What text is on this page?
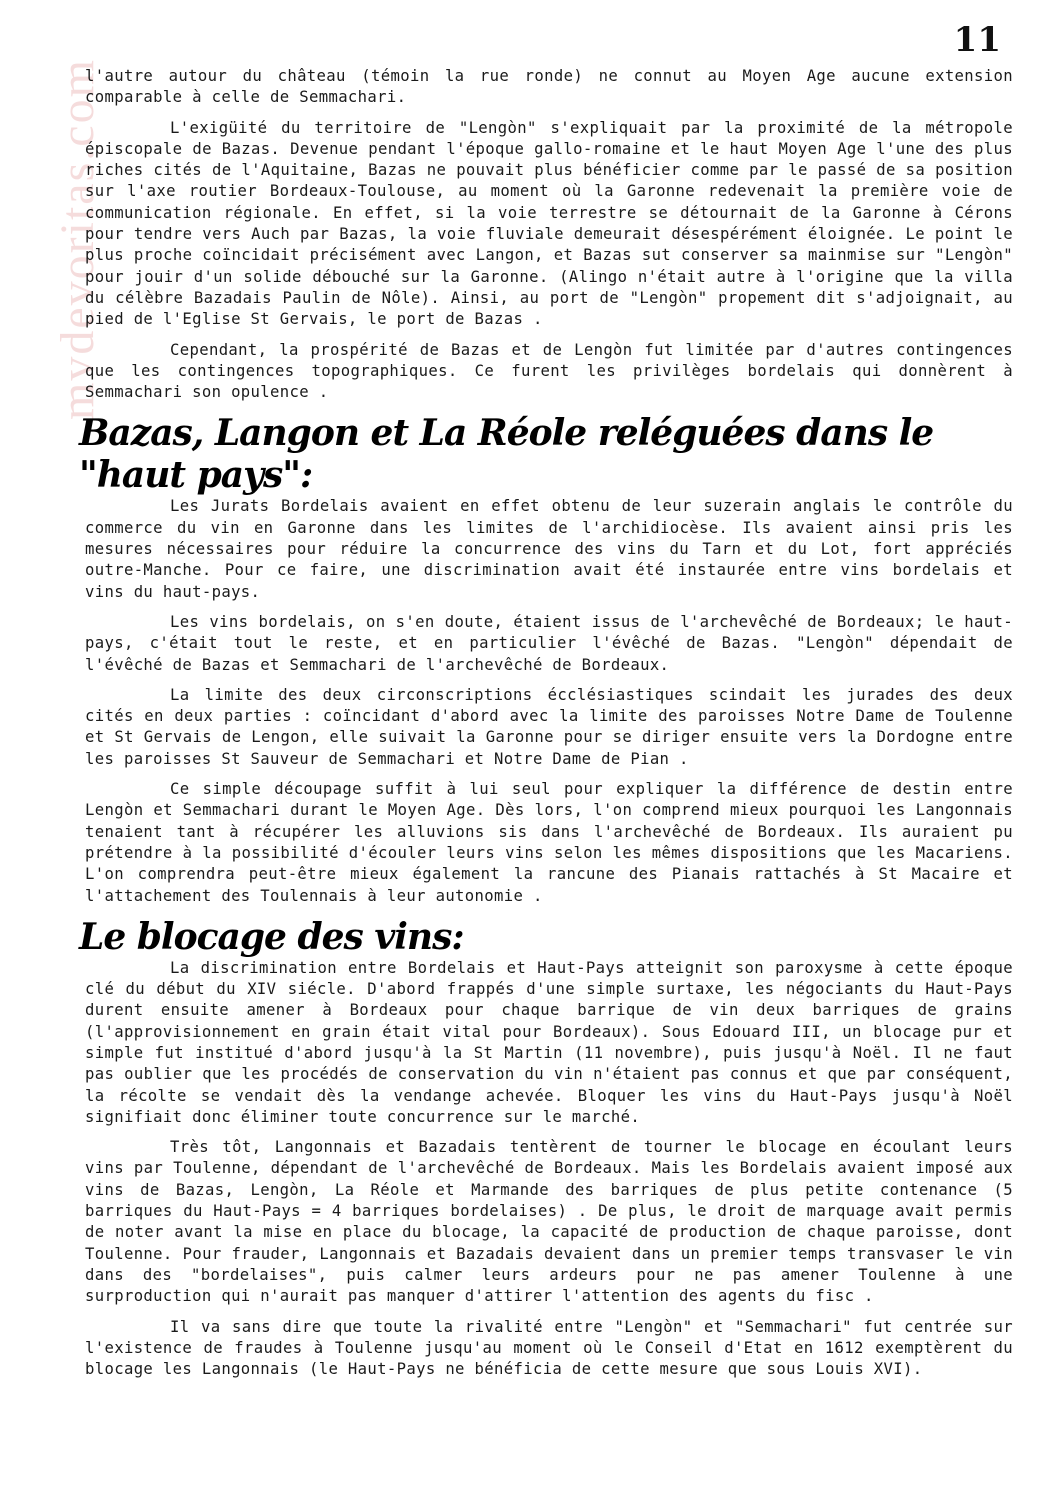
11
mvdevoritas.com

l'autre autour du château (témoin la rue ronde) ne connut au Moyen Age aucune extension comparable à celle de Semmachari.

L'exigüité du territoire de "Lengòn" s'expliquait par la proximité de la métropole épiscopale de Bazas. Devenue pendant l'époque gallo-romaine et le haut Moyen Age l'une des plus riches cités de l'Aquitaine, Bazas ne pouvait plus bénéficier comme par le passé de sa position sur l'axe routier Bordeaux-Toulouse, au moment où la Garonne redevenait la première voie de communication régionale. En effet, si la voie terrestre se détournait de la Garonne à Cérons pour tendre vers Auch par Bazas, la voie fluviale demeurait désespérément éloignée. Le point le plus proche coïncidait précisément avec Langon, et Bazas sut conserver sa mainmise sur "Lengòn" pour jouir d'un solide débouché sur la Garonne. (Alingo n'était autre à l'origine que la villa du célèbre Bazadais Paulin de Nôle). Ainsi, au port de "Lengòn" propement dit s'adjoignait, au pied de l'Eglise St Gervais, le port de Bazas .

Cependant, la prospérité de Bazas et de Lengòn fut limitée par d'autres contingences que les contingences topographiques. Ce furent les privilèges bordelais qui donnèrent à Semmachari son opulence .

Bazas, Langon et La Réole reléguées dans le "haut pays":

Les Jurats Bordelais avaient en effet obtenu de leur suzerain anglais le contrôle du commerce du vin en Garonne dans les limites de l'archidiocèse. Ils avaient ainsi pris les mesures nécessaires pour réduire la concurrence des vins du Tarn et du Lot, fort appréciés outre-Manche. Pour ce faire, une discrimination avait été instaurée entre vins bordelais et vins du haut-pays.

Les vins bordelais, on s'en doute, étaient issus de l'archevêché de Bordeaux; le haut-pays, c'était tout le reste, et en particulier l'évêché de Bazas. "Lengòn" dépendait de l'évêché de Bazas et Semmachari de l'archevêché de Bordeaux.

La limite des deux circonscriptions écclésiastiques scindait les jurades des deux cités en deux parties : coïncidant d'abord avec la limite des paroisses Notre Dame de Toulenne et St Gervais de Lengon, elle suivait la Garonne pour se diriger ensuite vers la Dordogne entre les paroisses St Sauveur de Semmachari et Notre Dame de Pian .

Ce simple découpage suffit à lui seul pour expliquer la différence de destin entre Lengòn et Semmachari durant le Moyen Age. Dès lors, l'on comprend mieux pourquoi les Langonnais tenaient tant à récupérer les alluvions sis dans l'archevêché de Bordeaux. Ils auraient pu prétendre à la possibilité d'écouler leurs vins selon les mêmes dispositions que les Macariens. L'on comprendra peut-être mieux également la rancune des Pianais rattachés à St Macaire et l'attachement des Toulennais à leur autonomie .

Le blocage des vins:

La discrimination entre Bordelais et Haut-Pays atteignit son paroxysme à cette époque clé du début du XIV siécle. D'abord frappés d'une simple surtaxe, les négociants du Haut-Pays durent ensuite amener à Bordeaux pour chaque barrique de vin deux barriques de grains (l'approvisionnement en grain était vital pour Bordeaux). Sous Edouard III, un blocage pur et simple fut institué d'abord jusqu'à la St Martin (11 novembre), puis jusqu'à Noël. Il ne faut pas oublier que les procédés de conservation du vin n'étaient pas connus et que par conséquent, la récolte se vendait dès la vendange achevée. Bloquer les vins du Haut-Pays jusqu'à Noël signifiait donc éliminer toute concurrence sur le marché.

Très tôt, Langonnais et Bazadais tentèrent de tourner le blocage en écoulant leurs vins par Toulenne, dépendant de l'archevêché de Bordeaux. Mais les Bordelais avaient imposé aux vins de Bazas, Lengòn, La Réole et Marmande des barriques de plus petite contenance (5 barriques du Haut-Pays = 4 barriques bordelaises) . De plus, le droit de marquage avait permis de noter avant la mise en place du blocage, la capacité de production de chaque paroisse, dont Toulenne. Pour frauder, Langonnais et Bazadais devaient dans un premier temps transvaser le vin dans des "bordelaises", puis calmer leurs ardeurs pour ne pas amener Toulenne à une surproduction qui n'aurait pas manquer d'attirer l'attention des agents du fisc .

Il va sans dire que toute la rivalité entre "Lengòn" et "Semmachari" fut centrée sur l'existence de fraudes à Toulenne jusqu'au moment où le Conseil d'Etat en 1612 exemptèrent du blocage les Langonnais (le Haut-Pays ne bénéficia de cette mesure que sous Louis XVI).
